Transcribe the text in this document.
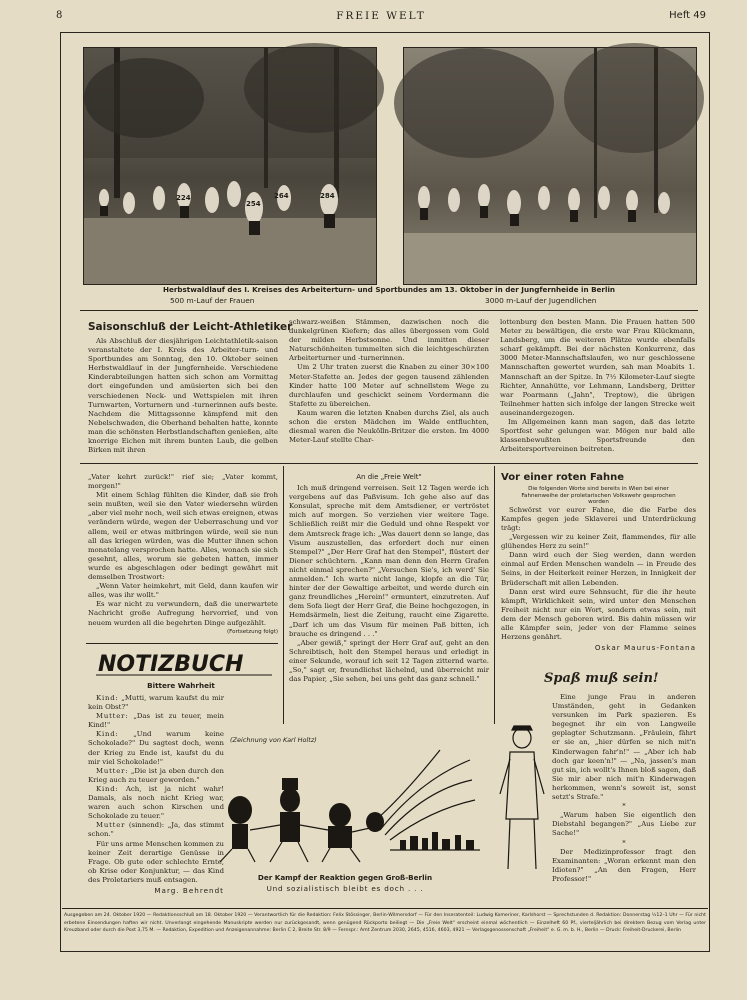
8	FREIE WELT	Heft 49
224
254
264	284
Herbstwaldlauf des I. Kreises des Arbeiterturn- und Sportbundes am 13. Oktober in der Jungfernheide in Berlin
500 m-Lauf der Frauen	3000 m-Lauf der Jugendlichen
Saisonschluß der Leicht-Athletiker

Als Abschluß der diesjährigen Leichtathletik-saison veranstaltete der I. Kreis des Arbeiter-turn- und Sportbundes am Sonntag, den 10. Oktober seinen Herbstwaldlauf in der Jungfernheide. Verschiedene Kinderabteilungen hatten sich schon am Vormittag dort eingefunden und amüsierten sich bei den verschiedenen Neck- und Wettspielen mit ihren Turnwarten, Vorturnern und -turnerinnen aufs beste. Nachdem die Mittagssonne kämpfend mit den Nebelschwaden, die Oberhand behalten hatte, konnte man die schönsten Herbstlandschaften genießen, alte knorrige Eichen mit ihrem bunten Laub, die gelben Birken mit ihren

schwarz-weißen Stämmen, dazwischen noch die dunkelgrünen Kiefern; das alles übergossen vom Gold der milden Herbstsonne. Und inmitten dieser Naturschönheiten tummelten sich die leichtgeschürzten Arbeiterturner und -turnerinnen.

Um 2 Uhr traten zuerst die Knaben zu einer 30×100 Meter-Stafette an. Jedes der gegen tausend zählenden Kinder hatte 100 Meter auf schnellstem Wege zu durchlaufen und geschickt seinem Vordermann die Stafette zu übereichen.

Kaum waren die letzten Knaben durchs Ziel, als auch schon die ersten Mädchen im Walde entfluchten, diesmal waren die Neukölln-Britzer die ersten. Im 4000 Meter-Lauf stellte Char-

lottenburg den besten Mann. Die Frauen hatten 500 Meter zu bewältigen, die erste war Frau Klückmann, Landsberg, um die weiteren Plätze wurde ebenfalls scharf gekämpft. Bei der nächsten Konkurrenz, das 3000 Meter-Mannschaftslaufen, wo nur geschlossene Mannschaften gewertet wurden, sah man Moabits 1. Mannschaft an der Spitze. In 7½ Kilometer-Lauf siegte Richter, Annahütte, vor Lehmann, Landsberg, Dritter war Poarmann („Jahn", Treptow), die übrigen Teilnehmer hatten sich infolge der langen Strecke weit auseinandergezogen.

Im Allgemeinen kann man sagen, daß das letzte Sportfest sehr gelungen war. Mögen nur bald alle klassenbewußten Sportsfreunde den Arbeitersportvereinen beitreten.

„Vater kehrt zurück!" rief sie; „Vater kommt, morgen!"

Mit einem Schlag fühlten die Kinder, daß sie froh sein mußten, weil sie den Vater wiedersehn würden „aber viel mehr noch, weil sich etwas ereignen, etwas verändern würde, wegen der Ueberraschung und vor allem, weil er etwas mitbringen würde, weil sie nun all das kriegen würden, was die Mutter ihnen schon monatelang versprochen hatte. Alles, wonach sie sich gesehnt, alles, worum sie gebeten hatten, immer wurde es abgeschlagen oder bedingt gewährt mit demselben Trostwort:

„Wenn Vater heimkehrt, mit Geld, dann kaufen wir alles, was ihr wollt."

Es war nicht zu verwundern, daß die unerwartete Nachricht große Aufregung hervorrief, und von neuem wurden all die begehrten Dinge aufgezählt.
(Fortsetzung folgt)

An die „Freie Welt"

Ich muß dringend verreisen. Seit 12 Tagen werde ich vergebens auf das Paßvisum. Ich gehe also auf das Konsulat, spreche mit dem Amtsdiener, er vertröstet mich auf morgen. So verziehen vier weitere Tage. Schließlich reißt mir die Geduld und ohne Respekt vor dem Amtsreck frage ich: „Was dauert denn so lange, das Visum auszustellen, das erfordert doch nur einen Stempel?" „Der Herr Graf hat den Stempel", flüstert der Diener schüchtern. „Kann man denn den Herrn Grafen nicht einmal sprechen?" „Versuchen Sie's, ich werd' Sie anmelden." Ich warte nicht lange, klopfe an die Tür, hinter der der Gewaltige arbeitet, und werde durch ein ganz freundliches „Herein!" ermuntert, einzutreten. Auf dem Sofa liegt der Herr Graf, die Beine hochgezogen, in Hemdsärmeln, liest die Zeitung, raucht eine Zigarette. „Darf ich um das Visum für meinen Paß bitten, ich brauche es dringend . . ."

„Aber gewiß," springt der Herr Graf auf, geht an den Schreibtisch, holt den Stempel heraus und erledigt in einer Sekunde, worauf ich seit 12 Tagen zitternd warte. „So," sagt er, freundlichst lächelnd, und überreicht mir das Papier, „Sie sehen, bei uns geht das ganz schnell."

Vor einer roten Fahne
Die folgenden Worte sind bereits in Wien bei einer Fahnenweihe der proletarischen Volkswehr gesprochen worden

Schwörst vor eurer Fahne, die die Farbe des Kampfes gegen jede Sklaverei und Unterdrückung trägt:

„Vergessen wir zu keiner Zeit, flammendes, für alle glühendes Herz zu sein!"

Dann wird euch der Sieg werden, dann werden einmal auf Erden Menschen wandeln — in Freude des Seins, in der Heiterkeit reiner Herzen, in Innigkeit der Brüderschaft mit allen Lebenden.

Dann erst wird eure Sehnsucht, für die ihr heute kämpft, Wirklichkeit sein, wird unter den Menschen Freiheit nicht nur ein Wort, sondern etwas sein, mit dem der Mensch geboren wird. Bis dahin müssen wir alle Kämpfer sein, jeder von der Flamme seines Herzens genährt.

Oskar Maurus-Fontana
NOTIZBUCH
Bittere Wahrheit

Kind: „Mutti, warum kaufst du mir kein Obst?"

Mutter: „Das ist zu teuer, mein Kind!"

Kind: „Und warum keine Schokolade?" Du sagtest doch, wenn der Krieg zu Ende ist, kaufst du du mir viel Schokolade!"

Mutter: „Die ist ja eben durch den Krieg auch zu teuer geworden."

Kind: Ach, ist ja nicht wahr! Damals, als noch nicht Krieg war, waren auch schon Kirschen und Schokolade zu teuer."

Mutter (sinnend): „Ja, das stimmt schon."

Für uns arme Menschen kommen zu keiner Zeit derartige Genüsse in Frage. Ob gute oder schlechte Ernte, ob Krise oder Konjunktur, — das Kind des Proletariers muß entsagen.

Marg. Behrendt
Spaß muß sein!

Eine junge Frau in anderen Umständen, geht in Gedanken versunken im Park spazieren. Es begegnet ihr ein von Langweile geplagter Schutzmann. „Fräulein, fährt er sie an, „hier dürfen se nich mit'n Kinderwagen fahr'n!" — „Aber ich hab doch gar keen'n!" — „Na, jassen's man gut sin, ich wollt's Ihnen bloß sagen, daß Sie mir aber nich mit'n Kinderwagen herkommen, wenn's soweit ist, sonst setzt's Strafe."

*

„Warum haben Sie eigentlich den Diebstahl begangen?" „Aus Liebe zur Sache!"

*

Der Medizinprofessor fragt den Examinanten: „Woran erkennt man den Idioten?" „An den Fragen, Herr Professor!"

(Zeichnung von Karl Holtz)
Der Kampf der Reaktion gegen Groß-Berlin
Und sozialistisch bleibt es doch . . .
Ausgegeben am 24. Oktober 1920 — Redaktionsschluß am 18. Oktober 1920 — Verantwortlich für die Redaktion: Felix Stössinger, Berlin-Wilmersdorf — Für den Inseratenteil: Ludwig Komeriner, Karlshorst — Sprechstunden d. Redaktion: Donnerstag ½12–1 Uhr — Für nicht erbetene Einsendungen haften wir nicht. Unverlangt eingehende Manuskripte werden nur zurückgesandt, wenn genügend Rückporto beiliegt — Die „Freie Welt" erscheint einmal wöchentlich — Einzelheft 60 Pf., vierteljährlich bei direktem Bezug vom Verlag unter Kreuzband oder durch die Post 3,75 M. — Redaktion, Expedition und Anzeigenannahme: Berlin C 2, Breite Str. 8/9 — Fernspr.: Amt Zentrum 2030, 2645, 4516, 4603, 4921 — Verlagsgenossenschaft „Freiheit" e. G. m. b. H., Berlin — Druck: Freiheit-Druckerei, Berlin
